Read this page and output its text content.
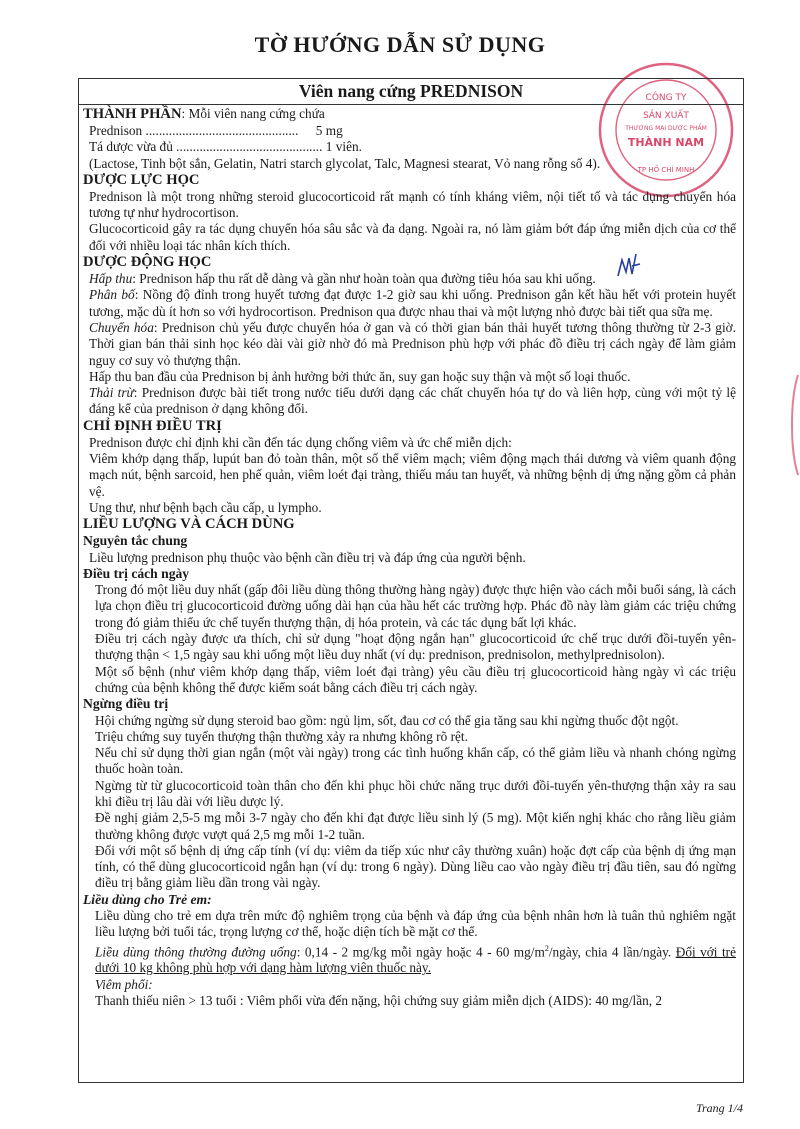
TỜ HƯỚNG DẪN SỬ DỤNG
CÔNG TY
SẢN XUẤT
THƯƠNG MẠI DƯỢC PHẨM
THÀNH NAM
TP HỒ CHÍ MINH
Viên nang cứng PREDNISON

THÀNH PHẦN: Mỗi viên nang cứng chứa

Prednison .............................................. 5 mg

Tá dược vừa đủ ............................................ 1 viên.

(Lactose, Tinh bột sắn, Gelatin, Natri starch glycolat, Talc, Magnesi stearat, Vỏ nang rỗng số 4).

DƯỢC LỰC HỌC

Prednison là một trong những steroid glucocorticoid rất mạnh có tính kháng viêm, nội tiết tố và tác dụng chuyển hóa tương tự như hydrocortison.

Glucocorticoid gây ra tác dụng chuyển hóa sâu sắc và đa dạng. Ngoài ra, nó làm giảm bớt đáp ứng miễn dịch của cơ thể đối với nhiều loại tác nhân kích thích.

DƯỢC ĐỘNG HỌC

Hấp thu: Prednison hấp thu rất dễ dàng và gần như hoàn toàn qua đường tiêu hóa sau khi uống.

Phân bố: Nồng độ đỉnh trong huyết tương đạt được 1-2 giờ sau khi uống. Prednison gắn kết hầu hết với protein huyết tương, mặc dù ít hơn so với hydrocortison. Prednison qua được nhau thai và một lượng nhỏ được bài tiết qua sữa mẹ.

Chuyển hóa: Prednison chủ yếu được chuyển hóa ở gan và có thời gian bán thải huyết tương thông thường từ 2-3 giờ. Thời gian bán thải sinh học kéo dài vài giờ nhờ đó mà Prednison phù hợp với phác đồ điều trị cách ngày để làm giảm nguy cơ suy vỏ thượng thận.

Hấp thu ban đầu của Prednison bị ảnh hưởng bởi thức ăn, suy gan hoặc suy thận và một số loại thuốc.

Thải trừ: Prednison được bài tiết trong nước tiểu dưới dạng các chất chuyển hóa tự do và liên hợp, cùng với một tỷ lệ đáng kể của prednison ở dạng không đổi.

CHỈ ĐỊNH ĐIỀU TRỊ

Prednison được chỉ định khi cần đến tác dụng chống viêm và ức chế miễn dịch:

Viêm khớp dạng thấp, lupút ban đỏ toàn thân, một số thể viêm mạch; viêm động mạch thái dương và viêm quanh động mạch nút, bệnh sarcoid, hen phế quản, viêm loét đại tràng, thiếu máu tan huyết, và những bệnh dị ứng nặng gồm cả phản vệ.

Ung thư, như bệnh bạch cầu cấp, u lympho.

LIỀU LƯỢNG VÀ CÁCH DÙNG

Nguyên tắc chung

Liều lượng prednison phụ thuộc vào bệnh cần điều trị và đáp ứng của người bệnh.

Điều trị cách ngày

Trong đó một liều duy nhất (gấp đôi liều dùng thông thường hàng ngày) được thực hiện vào cách mỗi buổi sáng, là cách lựa chọn điều trị glucocorticoid đường uống dài hạn của hầu hết các trường hợp. Phác đồ này làm giảm các triệu chứng trong đó giảm thiểu ức chế tuyến thượng thận, dị hóa protein, và các tác dụng bất lợi khác.

Điều trị cách ngày được ưa thích, chỉ sử dụng "hoạt động ngắn hạn" glucocorticoid ức chế trục dưới đồi-tuyến yên-thượng thận < 1,5 ngày sau khi uống một liều duy nhất (ví dụ: prednison, prednisolon, methylprednisolon).

Một số bệnh (như viêm khớp dạng thấp, viêm loét đại tràng) yêu cầu điều trị glucocorticoid hàng ngày vì các triệu chứng của bệnh không thể được kiểm soát bằng cách điều trị cách ngày.

Ngừng điều trị

Hội chứng ngừng sử dụng steroid bao gồm: ngủ lịm, sốt, đau cơ có thể gia tăng sau khi ngừng thuốc đột ngột.

Triệu chứng suy tuyến thượng thận thường xảy ra nhưng không rõ rệt.

Nếu chỉ sử dụng thời gian ngắn (một vài ngày) trong các tình huống khẩn cấp, có thể giảm liều và nhanh chóng ngừng thuốc hoàn toàn.

Ngừng từ từ glucocorticoid toàn thân cho đến khi phục hồi chức năng trục dưới đồi-tuyến yên-thượng thận xảy ra sau khi điều trị lâu dài với liều dược lý.

Đề nghị giảm 2,5-5 mg mỗi 3-7 ngày cho đến khi đạt được liều sinh lý (5 mg). Một kiến nghị khác cho rằng liều giảm thường không được vượt quá 2,5 mg mỗi 1-2 tuần.

Đối với một số bệnh dị ứng cấp tính (ví dụ: viêm da tiếp xúc như cây thường xuân) hoặc đợt cấp của bệnh dị ứng mạn tính, có thể dùng glucocorticoid ngắn hạn (ví dụ: trong 6 ngày). Dùng liều cao vào ngày điều trị đầu tiên, sau đó ngừng điều trị bằng giảm liều dần trong vài ngày.

Liều dùng cho Trẻ em:

Liều dùng cho trẻ em dựa trên mức độ nghiêm trọng của bệnh và đáp ứng của bệnh nhân hơn là tuân thủ nghiêm ngặt liều lượng bởi tuổi tác, trọng lượng cơ thể, hoặc diện tích bề mặt cơ thể.

Liều dùng thông thường đường uống: 0,14 - 2 mg/kg mỗi ngày hoặc 4 - 60 $mg/m^2$/ngày, chia 4 lần/ngày. Đối với trẻ dưới 10 kg không phù hợp với dạng hàm lượng viên thuốc này.

Viêm phổi:

Thanh thiếu niên > 13 tuổi : Viêm phổi vừa đến nặng, hội chứng suy giảm miễn dịch (AIDS): 40 mg/lần, 2

Trang 1/4
